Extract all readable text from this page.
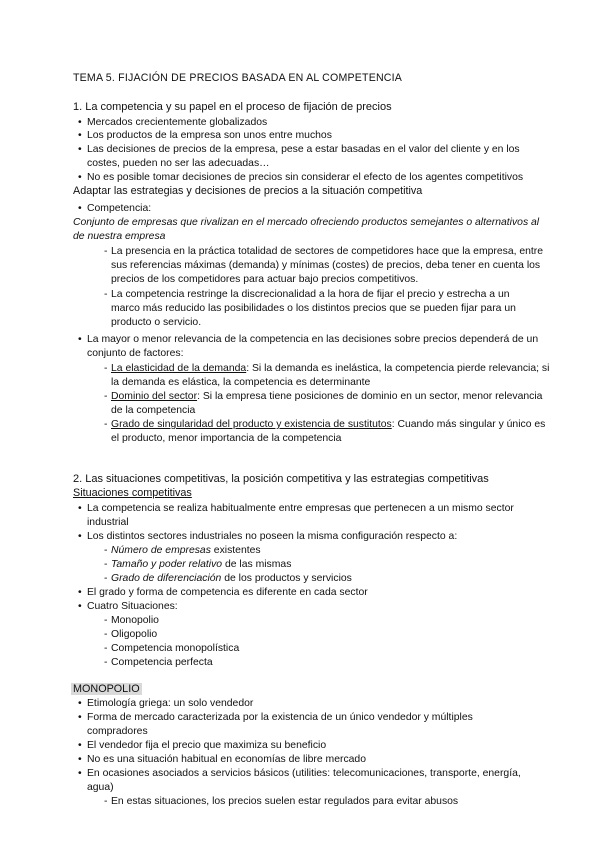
TEMA 5. FIJACIÓN DE PRECIOS BASADA EN AL COMPETENCIA
1. La competencia y su papel en el proceso de fijación de precios
• Mercados crecientemente globalizados
• Los productos de la empresa son unos entre muchos
• Las decisiones de precios de la empresa, pese a estar basadas en el valor del cliente y en los
costes, pueden no ser las adecuadas…
• No es posible tomar decisiones de precios sin considerar el efecto de los agentes competitivos
Adaptar las estrategias y decisiones de precios a la situación competitiva
• Competencia:
Conjunto de empresas que rivalizan en el mercado ofreciendo productos semejantes o alternativos al
de nuestra empresa
- La presencia en la práctica totalidad de sectores de competidores hace que la empresa, entre
sus referencias máximas (demanda) y mínimas (costes) de precios, deba tener en cuenta los
precios de los competidores para actuar bajo precios competitivos.
- La competencia restringe la discrecionalidad a la hora de fijar el precio y estrecha a un
marco más reducido las posibilidades o los distintos precios que se pueden fijar para un
producto o servicio.
• La mayor o menor relevancia de la competencia en las decisiones sobre precios dependerá de un
conjunto de factores:
- La elasticidad de la demanda: Si la demanda es inelástica, la competencia pierde relevancia; si
la demanda es elástica, la competencia es determinante
- Dominio del sector: Si la empresa tiene posiciones de dominio en un sector, menor relevancia
de la competencia
- Grado de singularidad del producto y existencia de sustitutos: Cuando más singular y único es
el producto, menor importancia de la competencia
2. Las situaciones competitivas, la posición competitiva y las estrategias competitivas
Situaciones competitivas
• La competencia se realiza habitualmente entre empresas que pertenecen a un mismo sector
industrial
• Los distintos sectores industriales no poseen la misma configuración respecto a:
- Número de empresas existentes
- Tamaño y poder relativo de las mismas
- Grado de diferenciación de los productos y servicios
• El grado y forma de competencia es diferente en cada sector
• Cuatro Situaciones:
- Monopolio
- Oligopolio
- Competencia monopolística
- Competencia perfecta
MONOPOLIO
• Etimología griega: un solo vendedor
• Forma de mercado caracterizada por la existencia de un único vendedor y múltiples
compradores
• El vendedor fija el precio que maximiza su beneficio
• No es una situación habitual en economías de libre mercado
• En ocasiones asociados a servicios básicos (utilities: telecomunicaciones, transporte, energía,
agua)
- En estas situaciones, los precios suelen estar regulados para evitar abusos
